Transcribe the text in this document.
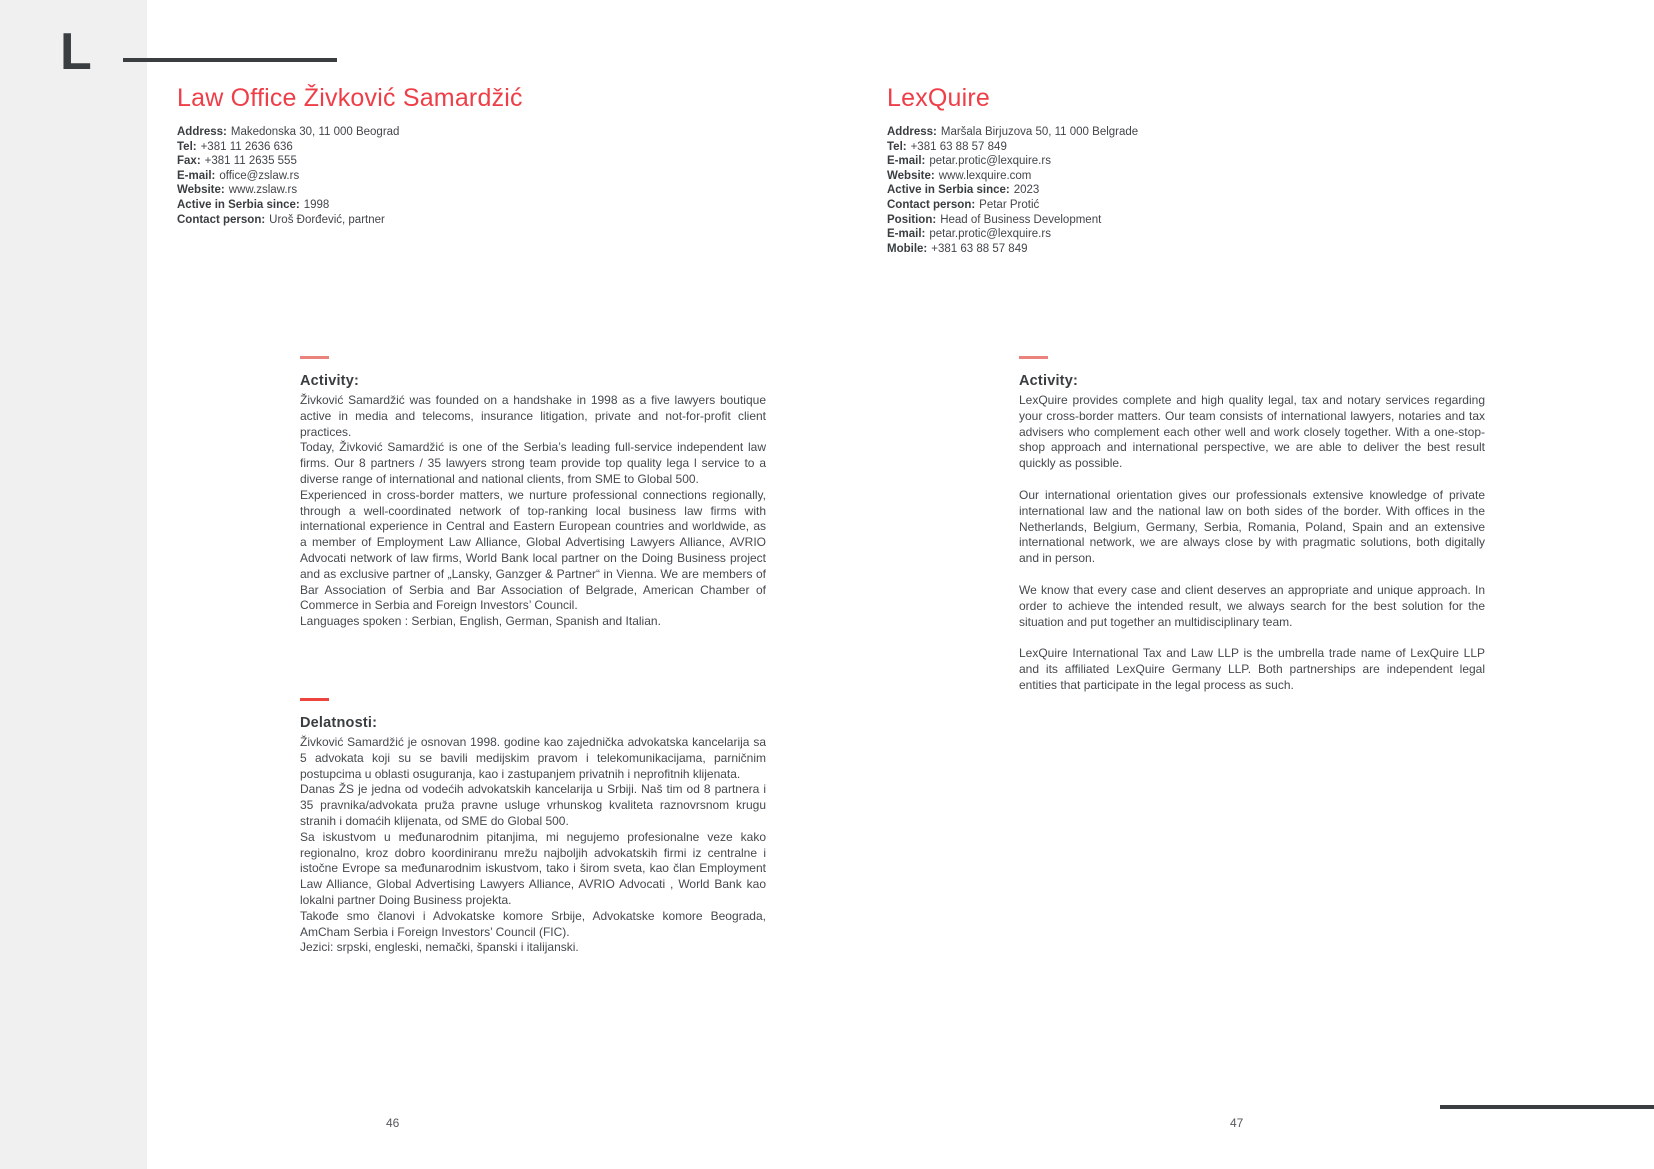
L
Law Office Živković Samardžić
Address: Makedonska 30, 11 000 Beograd
Tel: +381 11 2636 636
Fax: +381 11 2635 555
E-mail: office@zslaw.rs
Website: www.zslaw.rs
Active in Serbia since: 1998
Contact person: Uroš Đorđević, partner
Activity:

Živković Samardžić was founded on a handshake in 1998 as a five lawyers boutique active in media and telecoms, insurance litigation, private and not-for-profit client practices.

Today, Živković Samardžić is one of the Serbia’s leading full-service independent law firms. Our 8 partners / 35 lawyers strong team provide top quality lega l service to a diverse range of international and national clients, from SME to Global 500.

Experienced in cross-border matters, we nurture professional connections regionally, through a well-coordinated network of top-ranking local business law firms with international experience in Central and Eastern European countries and worldwide, as a member of Employment Law Alliance, Global Advertising Lawyers Alliance, AVRIO Advocati network of law firms, World Bank local partner on the Doing Business project and as exclusive partner of „Lansky, Ganzger & Partner“ in Vienna. We are members of Bar Association of Serbia and Bar Association of Belgrade, American Chamber of Commerce in Serbia and Foreign Investors’ Council.

Languages spoken : Serbian, English, German, Spanish and Italian.

Delatnosti:

Živković Samardžić je osnovan 1998. godine kao zajednička advokatska kancelarija sa 5 advokata koji su se bavili medijskim pravom i telekomunikacijama, parničnim postupcima u oblasti osuguranja, kao i zastupanjem privatnih i neprofitnih klijenata.

Danas ŽS je jedna od vodećih advokatskih kancelarija u Srbiji. Naš tim od 8 partnera i 35 pravnika/advokata pruža pravne usluge vrhunskog kvaliteta raznovrsnom krugu stranih i domaćih klijenata, od SME do Global 500.

Sa iskustvom u međunarodnim pitanjima, mi negujemo profesionalne veze kako regionalno, kroz dobro koordiniranu mrežu najboljih advokatskih firmi iz centralne i istočne Evrope sa međunarodnim iskustvom, tako i širom sveta, kao član Employment Law Alliance, Global Advertising Lawyers Alliance, AVRIO Advocati , World Bank kao lokalni partner Doing Business projekta.

Takođe smo članovi i Advokatske komore Srbije, Advokatske komore Beograda, AmCham Serbia i Foreign Investors’ Council (FIC).

Jezici: srpski, engleski, nemački, španski i italijanski.

LexQuire
Address: Maršala Birjuzova 50, 11 000 Belgrade
Tel: +381 63 88 57 849
E-mail: petar.protic@lexquire.rs
Website: www.lexquire.com
Active in Serbia since: 2023
Contact person: Petar Protić
Position: Head of Business Development
E-mail: petar.protic@lexquire.rs
Mobile: +381 63 88 57 849
Activity:

LexQuire provides complete and high quality legal, tax and notary services regarding your cross-border matters. Our team consists of international lawyers, notaries and tax advisers who complement each other well and work closely together. With a one-stop-shop approach and international perspective, we are able to deliver the best result quickly as possible.

Our international orientation gives our professionals extensive knowledge of private international law and the national law on both sides of the border. With offices in the Netherlands, Belgium, Germany, Serbia, Romania, Poland, Spain and an extensive international network, we are always close by with pragmatic solutions, both digitally and in person.

We know that every case and client deserves an appropriate and unique approach. In order to achieve the intended result, we always search for the best solution for the situation and put together an multidisciplinary team.

LexQuire International Tax and Law LLP is the umbrella trade name of LexQuire LLP and its affiliated LexQuire Germany LLP. Both partnerships are independent legal entities that participate in the legal process as such.

46	47
